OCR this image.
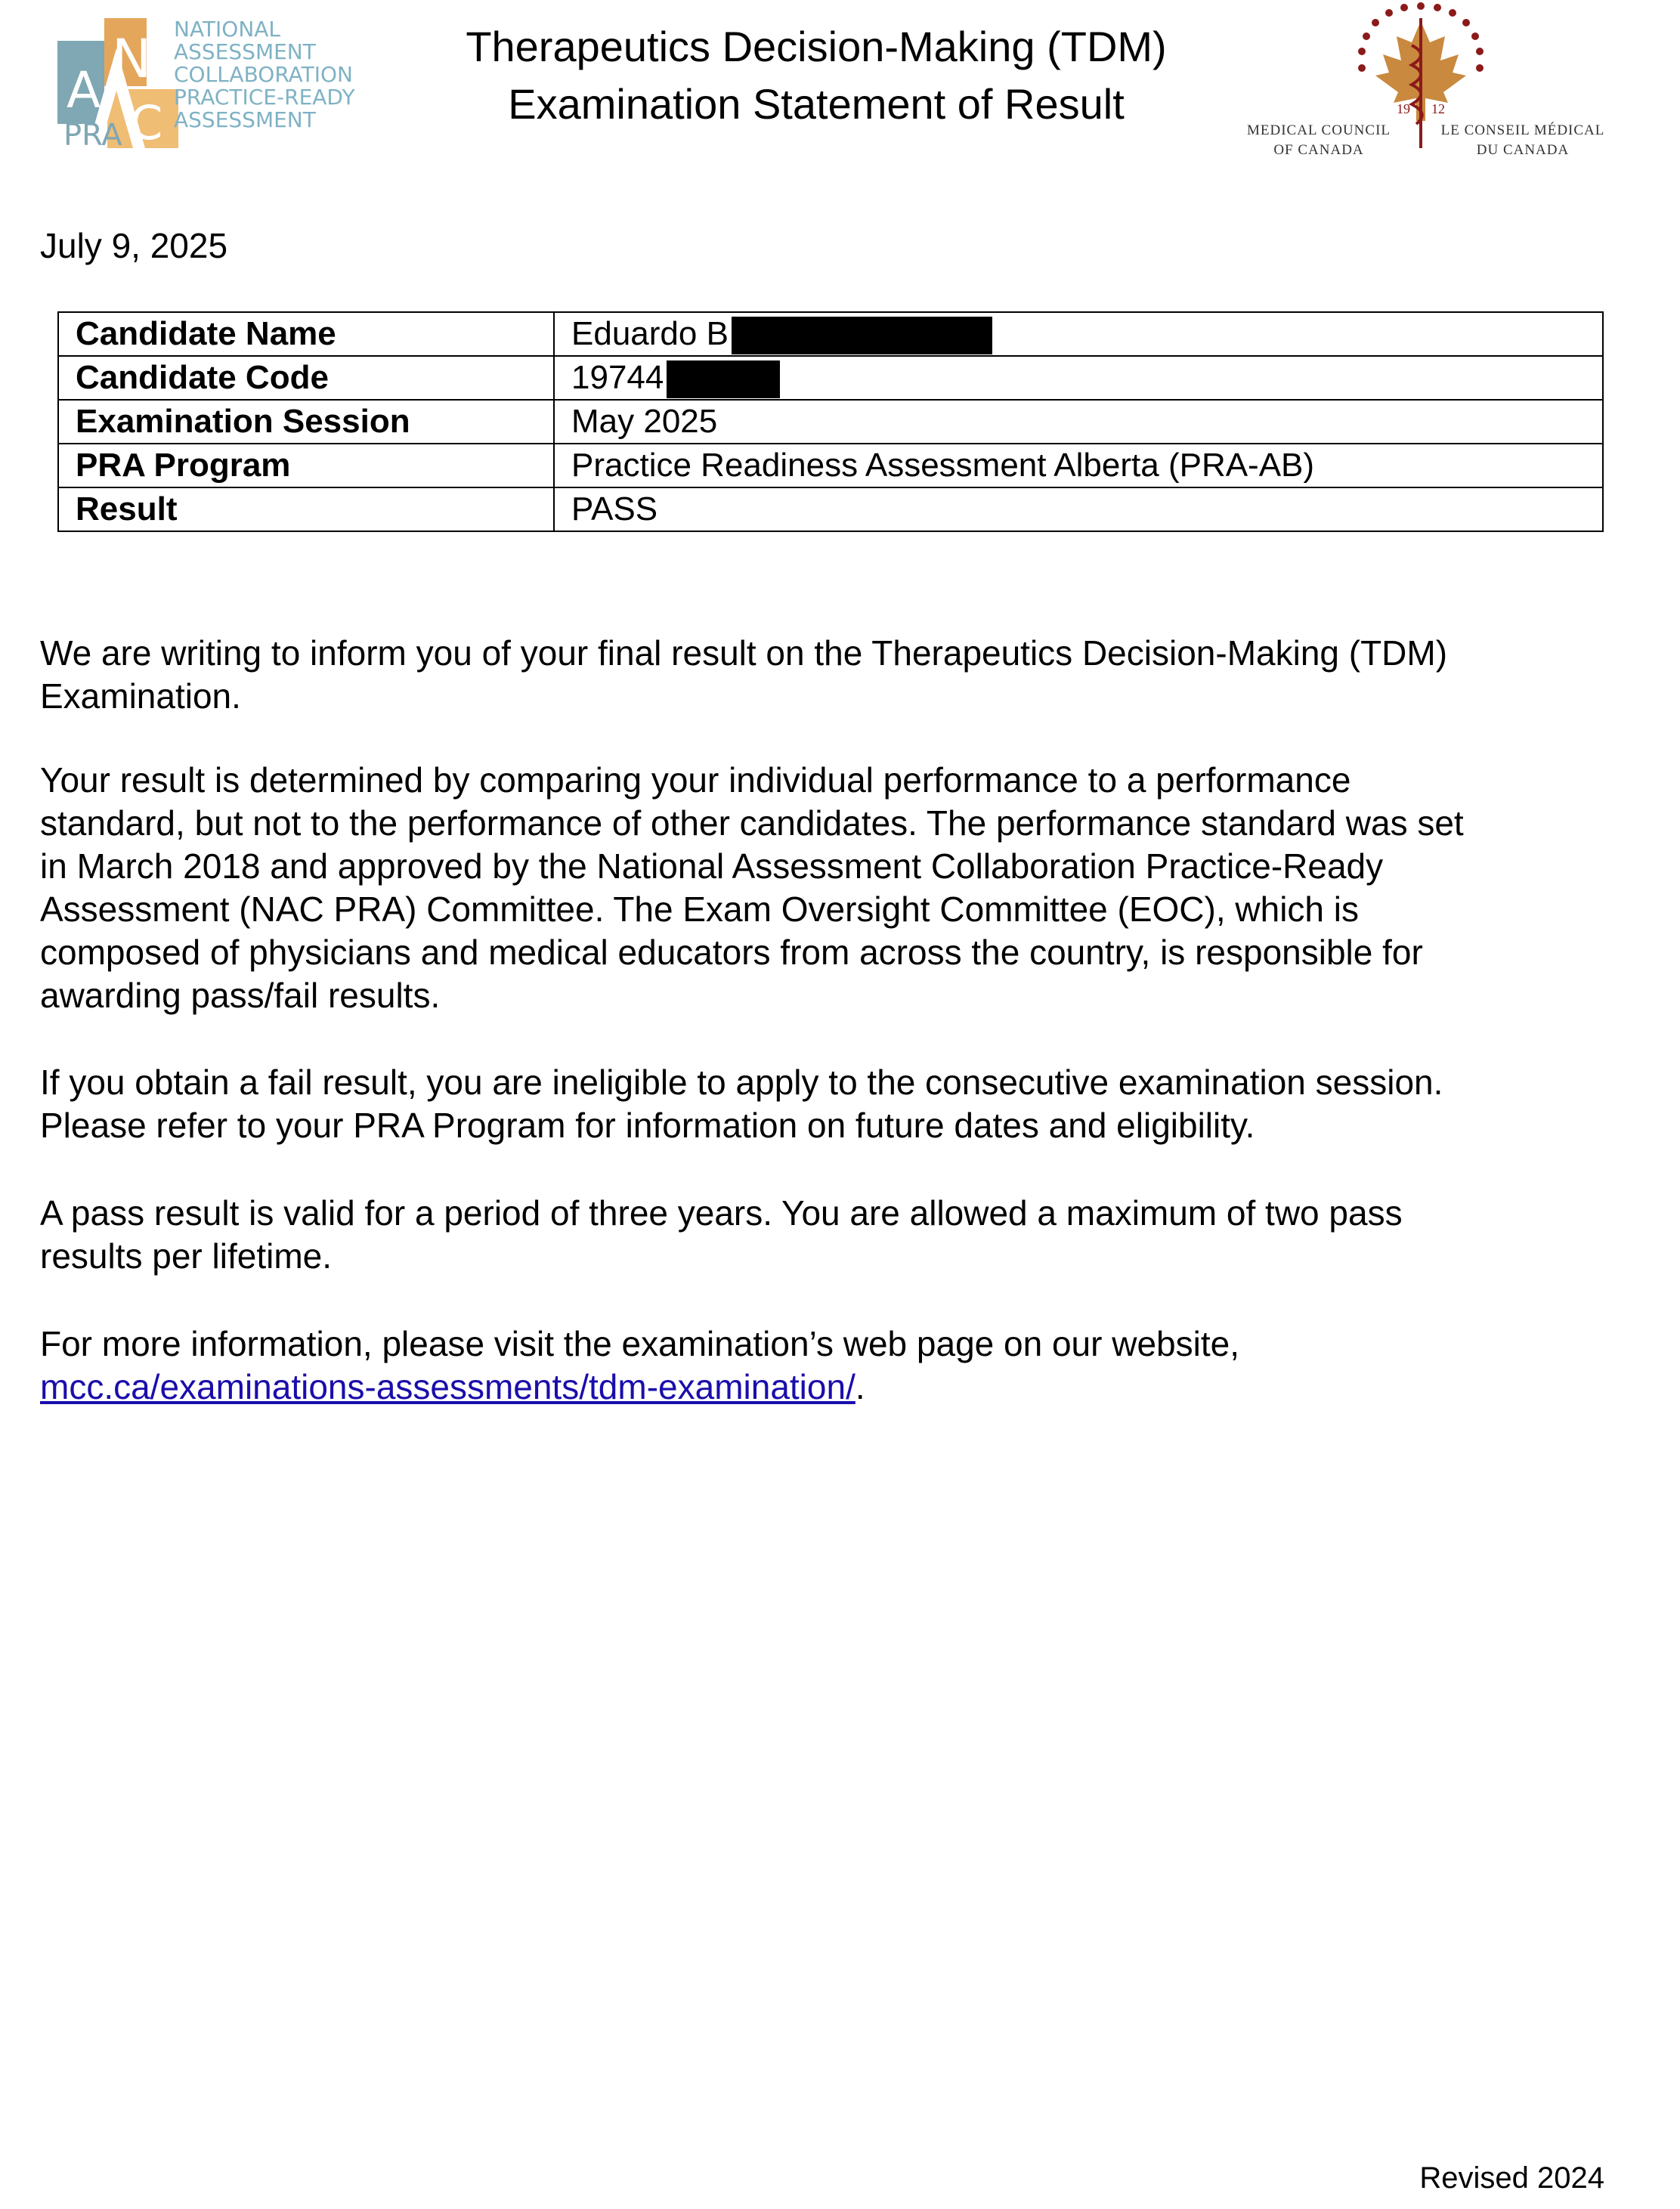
N
A
C
PRA
NATIONAL
ASSESSMENT
COLLABORATION
PRACTICE-READY
ASSESSMENT
Therapeutics Decision-Making (TDM)
Examination Statement of Result	19 12
MEDICAL COUNCIL
OF CANADA
LE CONSEIL MÉDICAL
DU CANADA
July 9, 2025
Candidate Name	Eduardo B
Candidate Code	19744
Examination Session	May 2025
PRA Program	Practice Readiness Assessment Alberta (PRA-AB)
Result	PASS
We are writing to inform you of your final result on the Therapeutics Decision-Making (TDM)
Examination.
Your result is determined by comparing your individual performance to a performance
standard, but not to the performance of other candidates. The performance standard was set
in March 2018 and approved by the National Assessment Collaboration Practice-Ready
Assessment (NAC PRA) Committee. The Exam Oversight Committee (EOC), which is
composed of physicians and medical educators from across the country, is responsible for
awarding pass/fail results.
If you obtain a fail result, you are ineligible to apply to the consecutive examination session.
Please refer to your PRA Program for information on future dates and eligibility.
A pass result is valid for a period of three years. You are allowed a maximum of two pass
results per lifetime.
For more information, please visit the examination’s web page on our website,
mcc.ca/examinations-assessments/tdm-examination/.
Revised 2024
